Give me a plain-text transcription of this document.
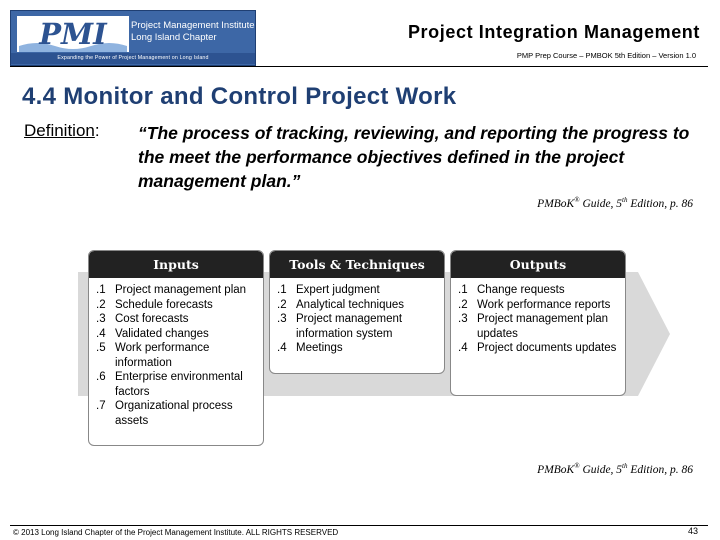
PMI	Project Management Institute
Long Island Chapter
Expanding the Power of Project Management on Long Island
Project Integration Management
PMP Prep Course – PMBOK 5th Edition – Version 1.0
4.4 Monitor and Control Project Work
Definition: “The process of tracking, reviewing, and reporting the progress to the meet the performance objectives defined in the project management plan.”
PMBoK® Guide, 5th Edition, p. 86
Inputs
.1 Project management plan
.2 Schedule forecasts
.3 Cost forecasts
.4 Validated changes
.5 Work performance information
.6 Enterprise environmental factors
.7 Organizational process assets
Tools & Techniques
.1 Expert judgment
.2 Analytical techniques
.3 Project management information system
.4 Meetings
Outputs
.1 Change requests
.2 Work performance reports
.3 Project management plan updates
.4 Project documents updates
PMBoK® Guide, 5th Edition, p. 86
© 2013 Long Island Chapter of the Project Management Institute. ALL RIGHTS RESERVED	43
